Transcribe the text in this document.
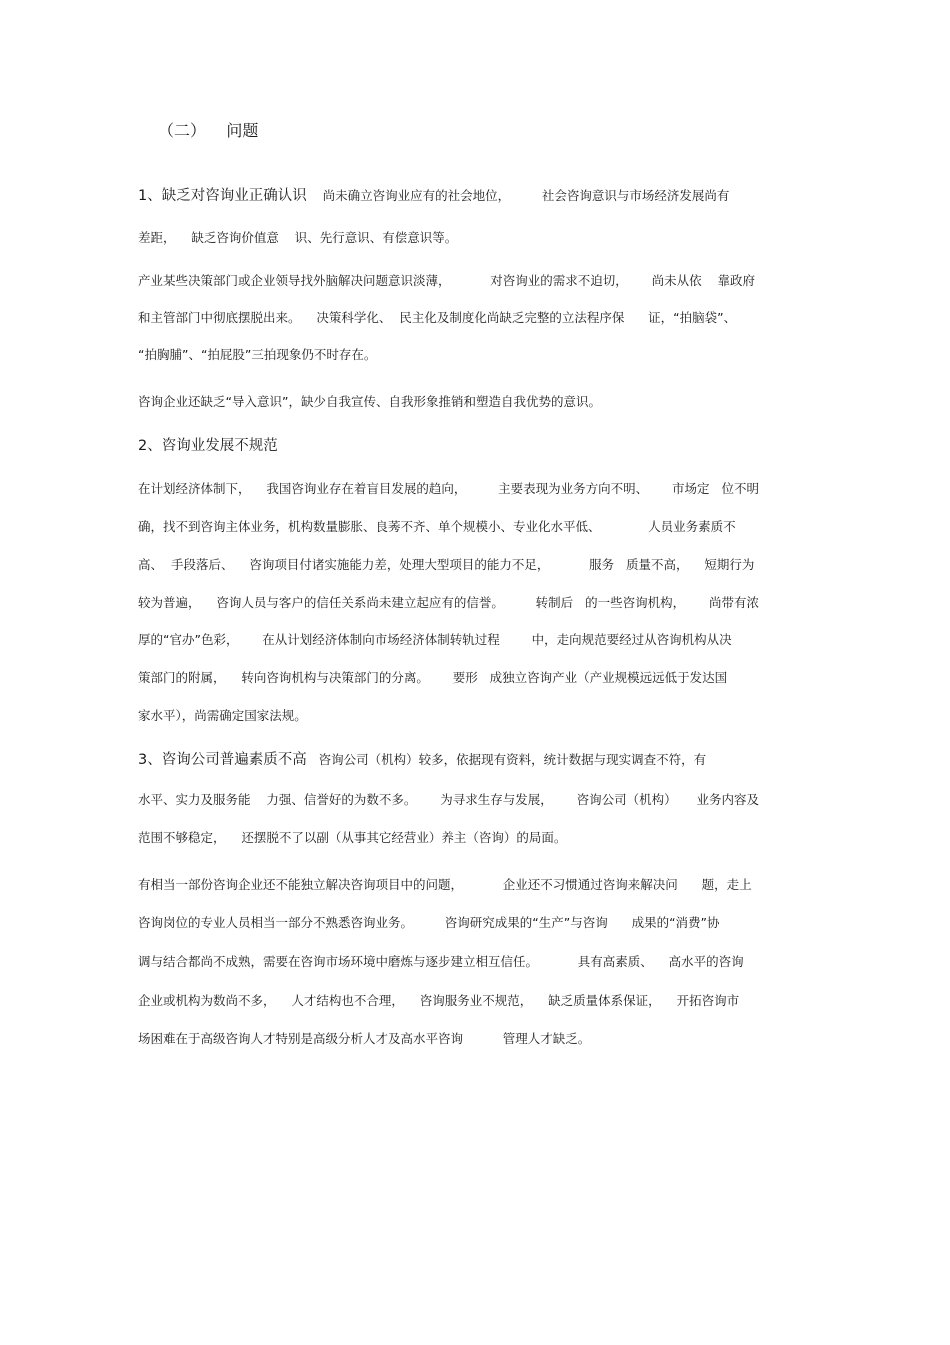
（二）    问题

1、缺乏对咨询业正确认识    尚未确立咨询业应有的社会地位，        社会咨询意识与市场经济发展尚有

差距，    缺乏咨询价值意    识、先行意识、有偿意识等。

产业某些决策部门或企业领导找外脑解决问题意识淡薄，          对咨询业的需求不迫切，      尚未从依    靠政府

和主管部门中彻底摆脱出来。    决策科学化、  民主化及制度化尚缺乏完整的立法程序保      证，“拍脑袋”、

“拍胸脯”、“拍屁股”三拍现象仍不时存在。

咨询企业还缺乏“导入意识”，缺少自我宣传、自我形象推销和塑造自我优势的意识。

2、咨询业发展不规范

在计划经济体制下，    我国咨询业存在着盲目发展的趋向，        主要表现为业务方向不明、      市场定   位不明

确，找不到咨询主体业务，机构数量膨胀、良莠不齐、单个规模小、专业化水平低、            人员业务素质不

高、  手段落后、    咨询项目付诸实施能力差，处理大型项目的能力不足，          服务   质量不高，    短期行为

较为普遍，    咨询人员与客户的信任关系尚未建立起应有的信誉。        转制后   的一些咨询机构，      尚带有浓

厚的“官办”色彩，      在从计划经济体制向市场经济体制转轨过程        中，走向规范要经过从咨询机构从决

策部门的附属，    转向咨询机构与决策部门的分离。      要形   成独立咨询产业（产业规模远远低于发达国

家水平），尚需确定国家法规。

3、咨询公司普遍素质不高   咨询公司（机构）较多，依据现有资料，统计数据与现实调查不符，有

水平、实力及服务能    力强、信誉好的为数不多。      为寻求生存与发展，      咨询公司（机构）     业务内容及

范围不够稳定，    还摆脱不了以副（从事其它经营业）养主（咨询）的局面。

有相当一部份咨询企业还不能独立解决咨询项目中的问题，          企业还不习惯通过咨询来解决问      题，走上

咨询岗位的专业人员相当一部分不熟悉咨询业务。        咨询研究成果的“生产”与咨询      成果的“消费”协

调与结合都尚不成熟，需要在咨询市场环境中磨炼与逐步建立相互信任。          具有高素质、    高水平的咨询

企业或机构为数尚不多，    人才结构也不合理，    咨询服务业不规范，    缺乏质量体系保证，    开拓咨询市

场困难在于高级咨询人才特别是高级分析人才及高水平咨询          管理人才缺乏。
